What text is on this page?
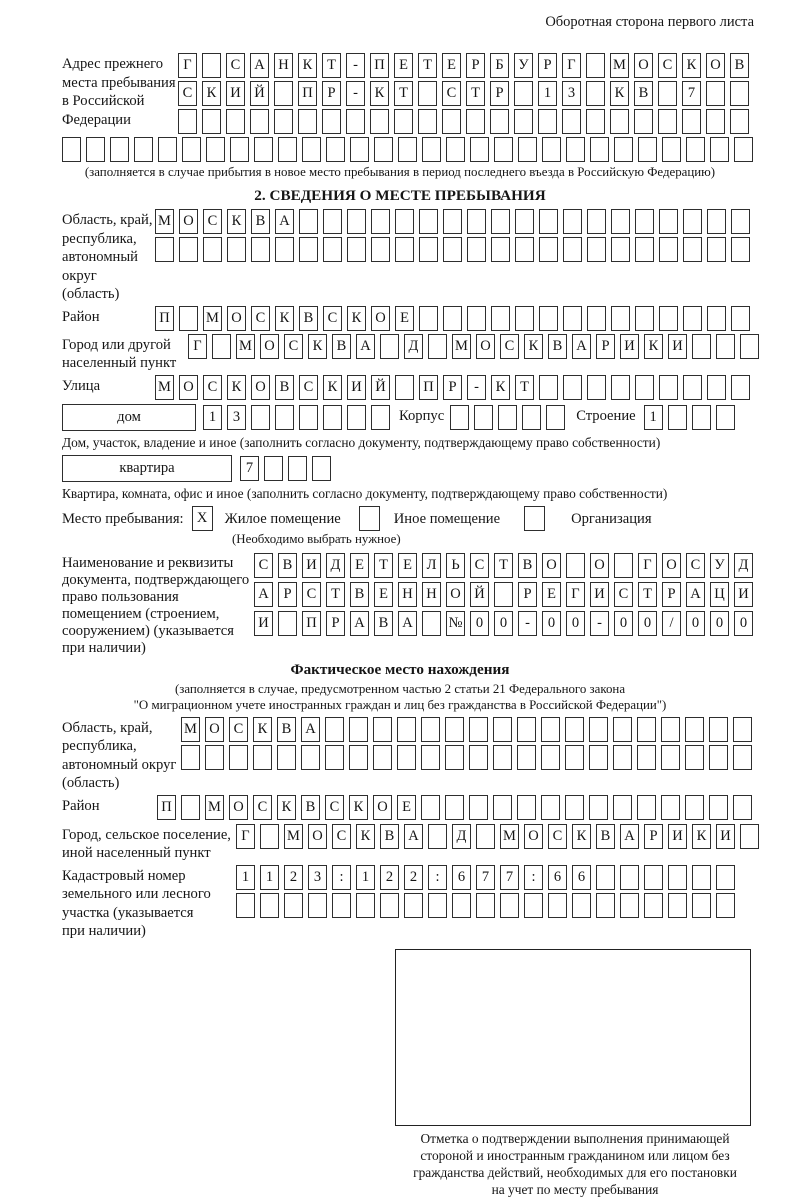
Оборотная сторона первого листа
Адрес прежнего
места пребывания
в Российской
Федерации
Г	С А Н К	Т	-	П Е	Т	Е	Р	Б	У	Р	Г	М О С К О В
С К И Й	П	Р	-	К	Т	С	Т	Р	1	3	К В	7
(заполняется в случае прибытия в новое место пребывания в период последнего въезда в Российскую Федерацию)
2. СВЕДЕНИЯ О МЕСТЕ ПРЕБЫВАНИЯ
Область, край,
республика,
автономный
округ (область)
М О С К В А
Район	П	М О С К В С К О Е
Город или другой
населенный пункт
Г	М О С К В А	Д	М О С К В А	Р	И К И
Улица	М О С К О В С К И Й	П	Р	-	К	Т
дом	1	3	Корпус	Строение 1
Дом, участок, владение и иное (заполнить согласно документу, подтверждающему право собственности)
квартира	7
Квартира, комната, офис и иное (заполнить согласно документу, подтверждающему право собственности)
Место пребывания: X	Жилое помещение	Иное помещение	Организация
(Необходимо выбрать нужное)
Наименование и реквизиты
документа, подтверждающего
право пользования
помещением (строением,
сооружением) (указывается
при наличии)
С В И Д	Е	Т	Е	Л	Ь	С	Т	В О	О	Г	О С У Д
А	Р	С	Т	В	Е Н Н О Й	Р	Е	Г	И С	Т	Р	А Ц И
И	П	Р	А В А № 0	0	-	0	0	-	0	0	/	0	0	0
Фактическое место нахождения
(заполняется в случае, предусмотренном частью 2 статьи 21 Федерального закона
"О миграционном учете иностранных граждан и лиц без гражданства в Российской Федерации")
Область, край,
республика,
автономный округ
(область)
М О С К В А
Район	П	М О С К В С К О Е
Город, сельское поселение,
иной населенный пункт
Г	М О С К В А	Д	М О С К В А	Р	И К И
Кадастровый номер
земельного или лесного
участка (указывается
при наличии)
1	1	2	3	:	1	2	2	:	6	7	7	:	6	6
Отметка о подтверждении выполнения принимающей
стороной и иностранным гражданином или лицом без
гражданства действий, необходимых для его постановки
на учет по месту пребывания
